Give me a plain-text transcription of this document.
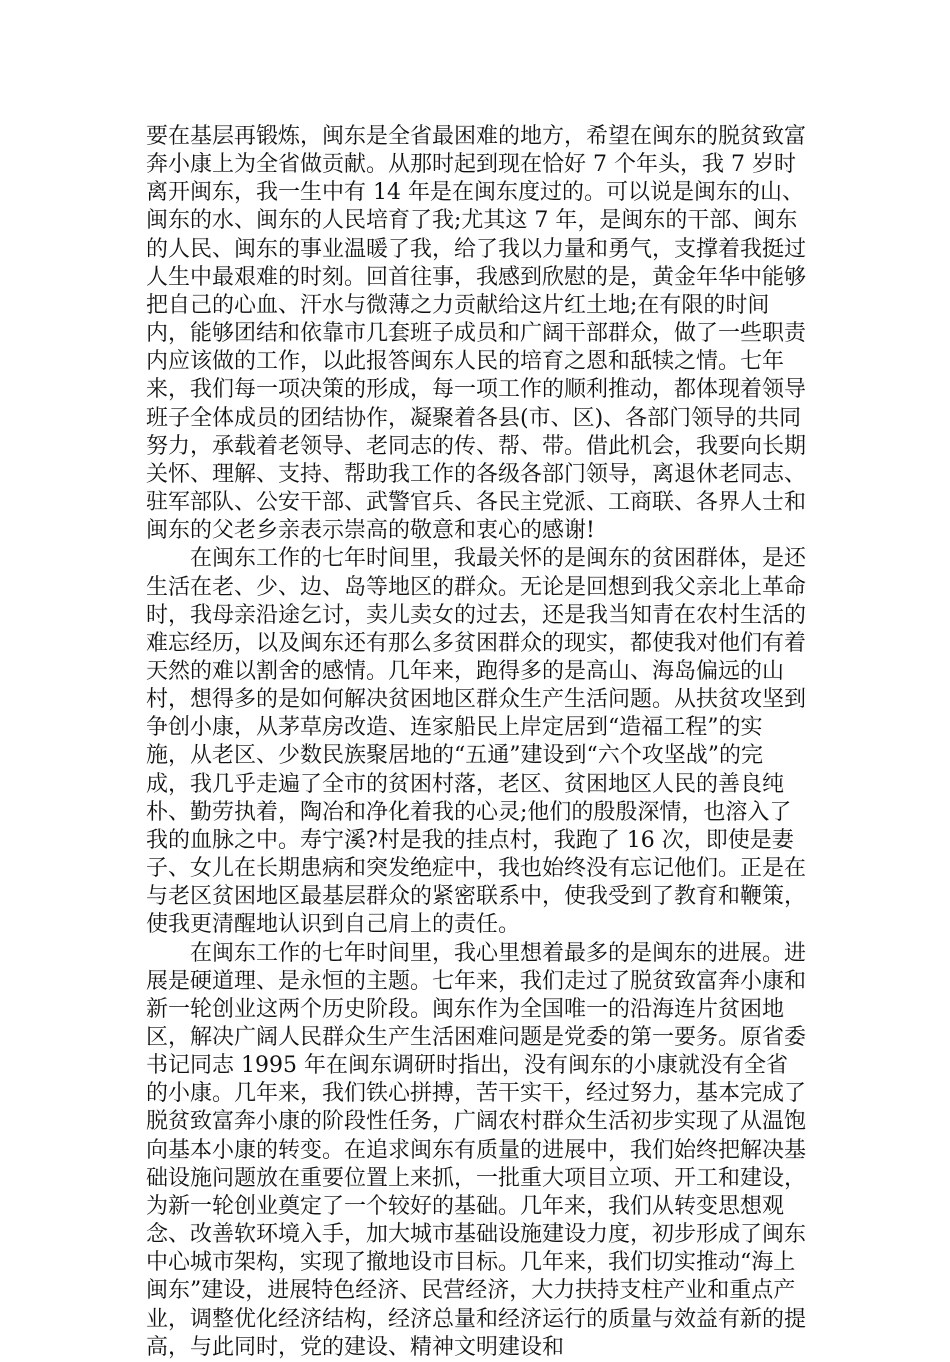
要在基层再锻炼，闽东是全省最困难的地方，希望在闽东的脱贫致富奔小康上为全省做贡献。从那时起到现在恰好 7 个年头，我 7 岁时离开闽东，我一生中有 14 年是在闽东度过的。可以说是闽东的山、闽东的水、闽东的人民培育了我;尤其这 7 年，是闽东的干部、闽东的人民、闽东的事业温暖了我，给了我以力量和勇气，支撑着我挺过人生中最艰难的时刻。回首往事，我感到欣慰的是，黄金年华中能够把自己的心血、汗水与微薄之力贡献给这片红土地;在有限的时间内，能够团结和依靠市几套班子成员和广阔干部群众，做了一些职责内应该做的工作，以此报答闽东人民的培育之恩和舐犊之情。七年来，我们每一项决策的形成，每一项工作的顺利推动，都体现着领导班子全体成员的团结协作，凝聚着各县(市、区)、各部门领导的共同努力，承载着老领导、老同志的传、帮、带。借此机会，我要向长期关怀、理解、支持、帮助我工作的各级各部门领导，离退休老同志、驻军部队、公安干部、武警官兵、各民主党派、工商联、各界人士和闽东的父老乡亲表示崇高的敬意和衷心的感谢!

在闽东工作的七年时间里，我最关怀的是闽东的贫困群体，是还生活在老、少、边、岛等地区的群众。无论是回想到我父亲北上革命时，我母亲沿途乞讨，卖儿卖女的过去，还是我当知青在农村生活的难忘经历，以及闽东还有那么多贫困群众的现实，都使我对他们有着天然的难以割舍的感情。几年来，跑得多的是高山、海岛偏远的山村，想得多的是如何解决贫困地区群众生产生活问题。从扶贫攻坚到争创小康，从茅草房改造、连家船民上岸定居到“造福工程”的实施，从老区、少数民族聚居地的“五通”建设到“六个攻坚战”的完成，我几乎走遍了全市的贫困村落，老区、贫困地区人民的善良纯朴、勤劳执着，陶冶和净化着我的心灵;他们的殷殷深情，也溶入了我的血脉之中。寿宁溪?村是我的挂点村，我跑了 16 次，即使是妻子、女儿在长期患病和突发绝症中，我也始终没有忘记他们。正是在与老区贫困地区最基层群众的紧密联系中，使我受到了教育和鞭策，使我更清醒地认识到自己肩上的责任。

在闽东工作的七年时间里，我心里想着最多的是闽东的进展。进展是硬道理、是永恒的主题。七年来，我们走过了脱贫致富奔小康和新一轮创业这两个历史阶段。闽东作为全国唯一的沿海连片贫困地区，解决广阔人民群众生产生活困难问题是党委的第一要务。原省委书记同志 1995 年在闽东调研时指出，没有闽东的小康就没有全省的小康。几年来，我们铁心拼搏，苦干实干，经过努力，基本完成了脱贫致富奔小康的阶段性任务，广阔农村群众生活初步实现了从温饱向基本小康的转变。在追求闽东有质量的进展中，我们始终把解决基础设施问题放在重要位置上来抓，一批重大项目立项、开工和建设，为新一轮创业奠定了一个较好的基础。几年来，我们从转变思想观念、改善软环境入手，加大城市基础设施建设力度，初步形成了闽东中心城市架构，实现了撤地设市目标。几年来，我们切实推动“海上闽东”建设，进展特色经济、民营经济，大力扶持支柱产业和重点产业，调整优化经济结构，经济总量和经济运行的质量与效益有新的提高，与此同时，党的建设、精神文明建设和
